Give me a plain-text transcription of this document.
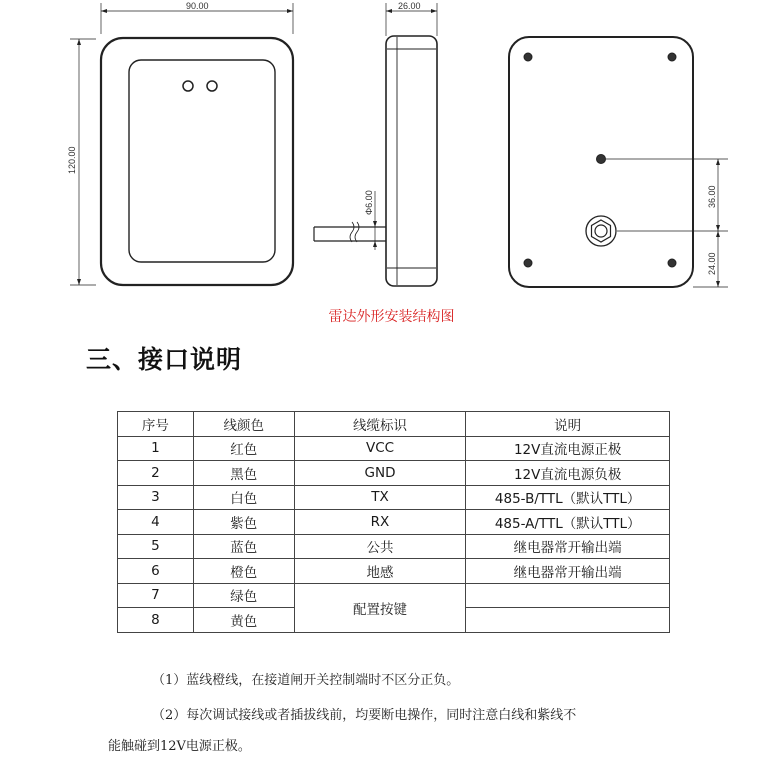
90.00
120.00
26.00
Φ6.00	36.00
24.00
雷达外形安装结构图
三、接口说明
序号	线颜色	线缆标识	说明
1	红色	VCC	12V直流电源正极
2	黑色	GND	12V直流电源负极
3	白色	TX	485-B/TTL（默认TTL）
4	紫色	RX	485-A/TTL（默认TTL）
5	蓝色	公共	继电器常开输出端
6	橙色	地感	继电器常开输出端
7	绿色	配置按键	
8	黄色		
（1）蓝线橙线，在接道闸开关控制端时不区分正负。
（2）每次调试接线或者插拔线前，均要断电操作，同时注意白线和紫线不
能触碰到12V电源正极。
